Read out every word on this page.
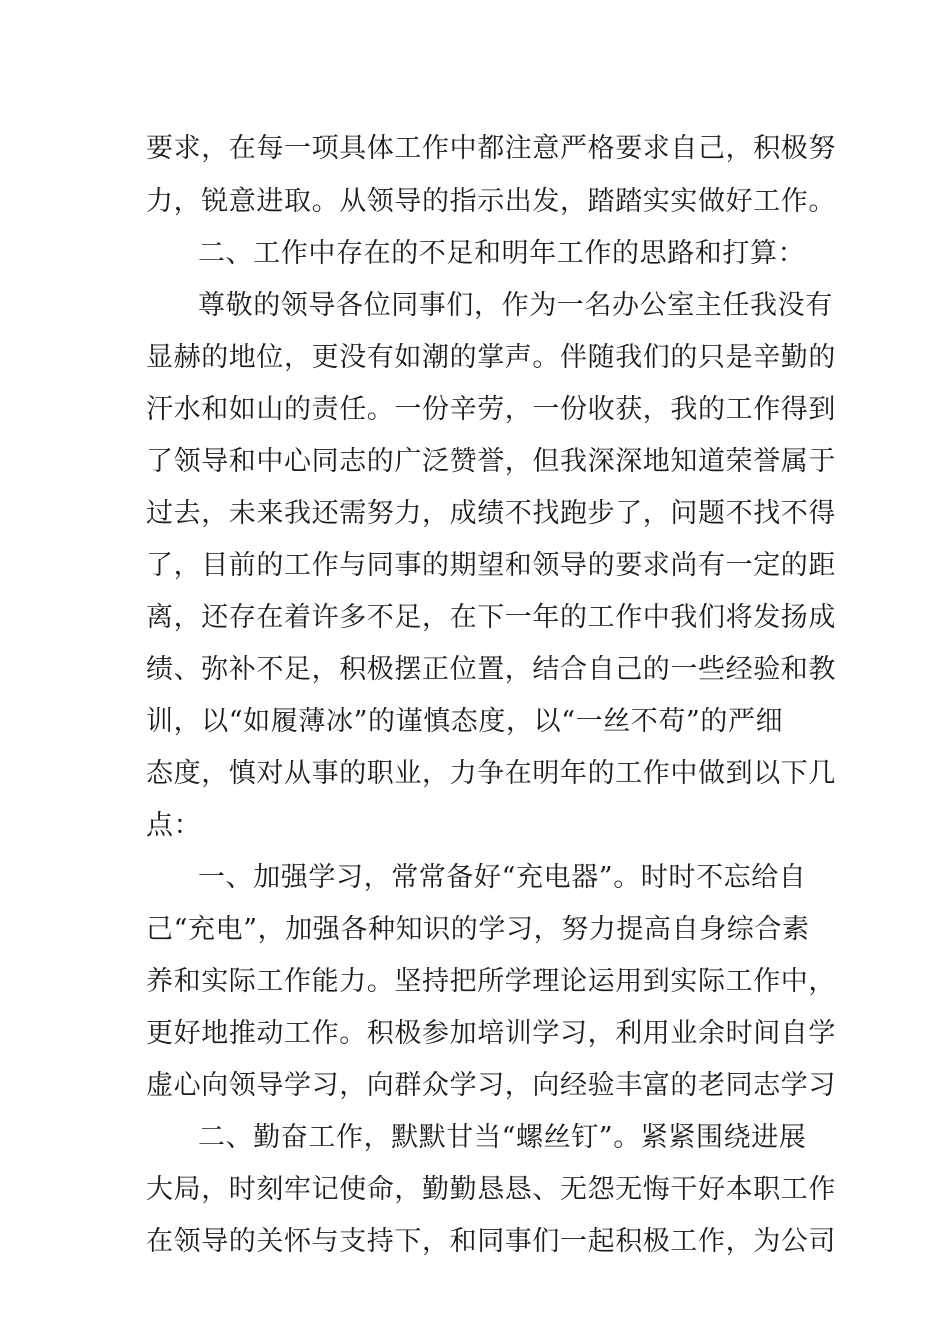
要求，在每一项具体工作中都注意严格要求自己，积极努
力，锐意进取。从领导的指示出发，踏踏实实做好工作。
二、工作中存在的不足和明年工作的思路和打算：
尊敬的领导各位同事们，作为一名办公室主任我没有
显赫的地位，更没有如潮的掌声。伴随我们的只是辛勤的
汗水和如山的责任。一份辛劳，一份收获，我的工作得到
了领导和中心同志的广泛赞誉，但我深深地知道荣誉属于
过去，未来我还需努力，成绩不找跑步了，问题不找不得
了，目前的工作与同事的期望和领导的要求尚有一定的距
离，还存在着许多不足，在下一年的工作中我们将发扬成
绩、弥补不足，积极摆正位置，结合自己的一些经验和教
训，以“如履薄冰”的谨慎态度，以“一丝不苟”的严细
态度，慎对从事的职业，力争在明年的工作中做到以下几
点：
一、加强学习，常常备好“充电器”。时时不忘给自
己“充电”，加强各种知识的学习，努力提高自身综合素
养和实际工作能力。坚持把所学理论运用到实际工作中，
更好地推动工作。积极参加培训学习，利用业余时间自学
虚心向领导学习，向群众学习，向经验丰富的老同志学习
二、勤奋工作，默默甘当“螺丝钉”。紧紧围绕进展
大局，时刻牢记使命，勤勤恳恳、无怨无悔干好本职工作
在领导的关怀与支持下，和同事们一起积极工作，为公司
